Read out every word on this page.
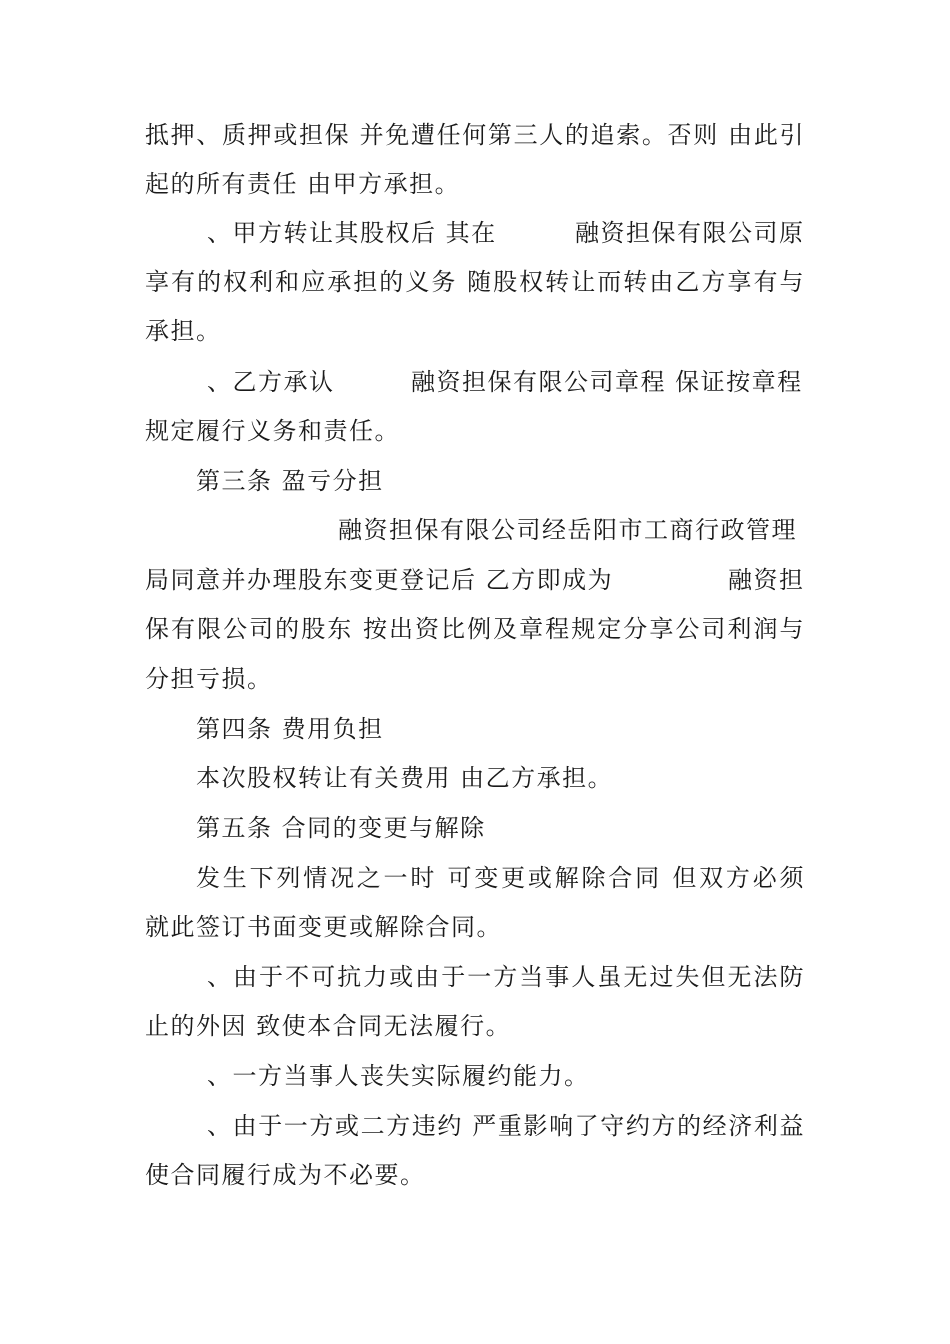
抵押、质押或担保 并免遭任何第三人的追索。否则 由此引
起的所有责任 由甲方承担。
、甲方转让其股权后 其在	融资担保有限公司原
享有的权利和应承担的义务 随股权转让而转由乙方享有与
承担。
、乙方承认	融资担保有限公司章程 保证按章程
规定履行义务和责任。
第三条 盈亏分担
融资担保有限公司经岳阳市工商行政管理
局同意并办理股东变更登记后 乙方即成为	融资担
保有限公司的股东 按出资比例及章程规定分享公司利润与
分担亏损。
第四条 费用负担
本次股权转让有关费用 由乙方承担。
第五条 合同的变更与解除
发生下列情况之一时 可变更或解除合同 但双方必须
就此签订书面变更或解除合同。
、由于不可抗力或由于一方当事人虽无过失但无法防
止的外因 致使本合同无法履行。
、一方当事人丧失实际履约能力。
、由于一方或二方违约 严重影响了守约方的经济利益
使合同履行成为不必要。
